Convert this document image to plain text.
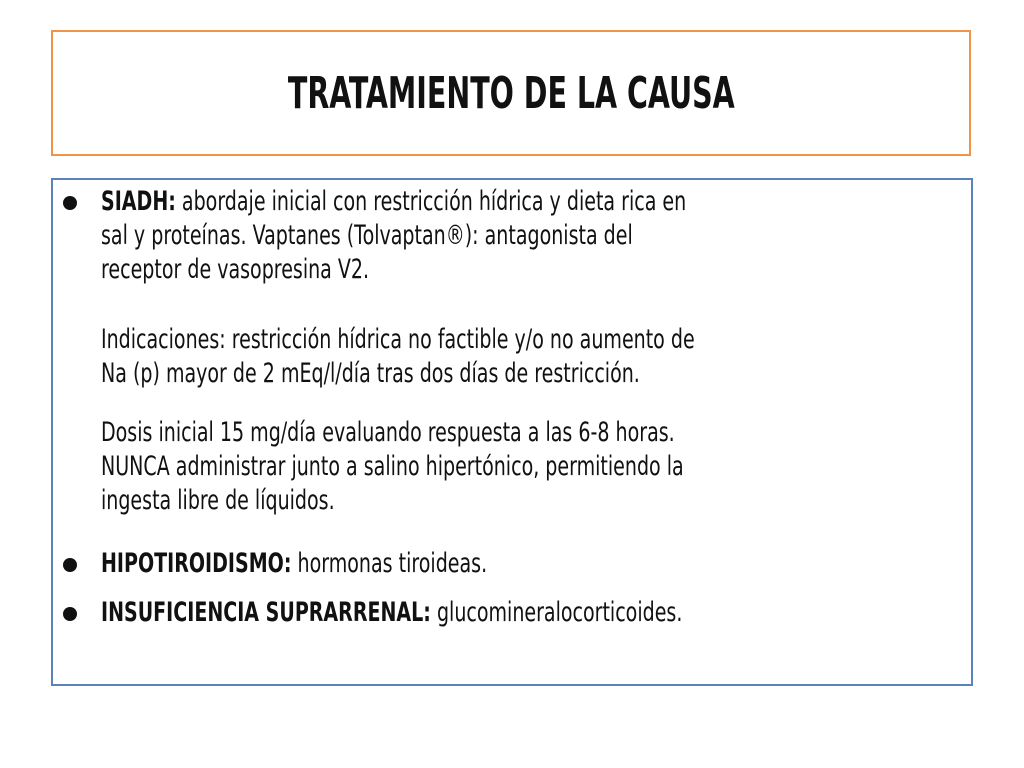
TRATAMIENTO DE LA CAUSA
SIADH: abordaje inicial con restricción hídrica y dieta rica en
sal y proteínas. Vaptanes (Tolvaptan®): antagonista del
receptor de vasopresina V2.
Indicaciones: restricción hídrica no factible y/o no aumento de
Na (p) mayor de 2 mEq/l/día tras dos días de restricción.
Dosis inicial 15 mg/día evaluando respuesta a las 6-8 horas.
NUNCA administrar junto a salino hipertónico, permitiendo la
ingesta libre de líquidos.
HIPOTIROIDISMO: hormonas tiroideas.
INSUFICIENCIA SUPRARRENAL: glucomineralocorticoides.
